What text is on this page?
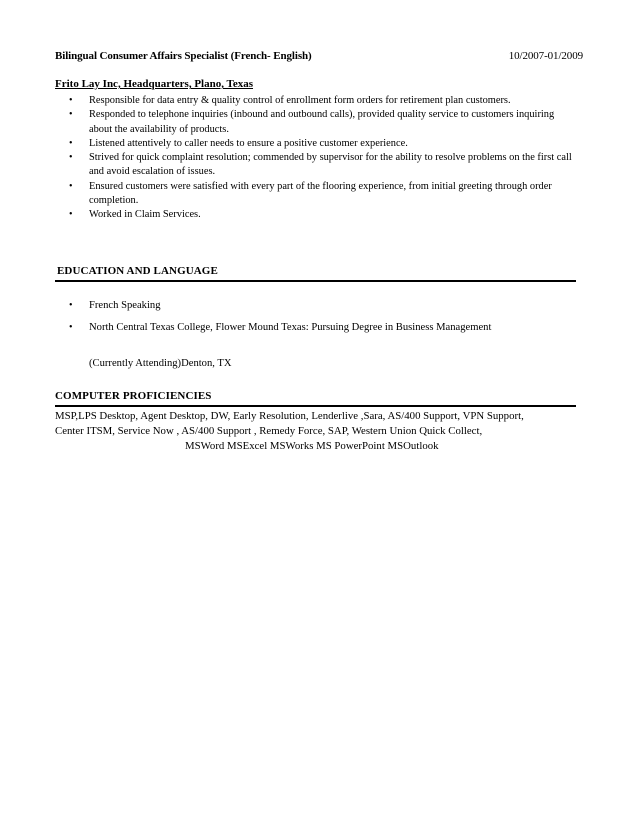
Bilingual Consumer Affairs Specialist (French- English)	10/2007-01/2009
Frito Lay Inc, Headquarters, Plano, Texas
• Responsible for data entry & quality control of enrollment form orders for retirement plan customers.
• Responded to telephone inquiries (inbound and outbound calls), provided quality service to customers inquiring about the availability of products.
• Listened attentively to caller needs to ensure a positive customer experience.
• Strived for quick complaint resolution; commended by supervisor for the ability to resolve problems on the first call and avoid escalation of issues.
• Ensured customers were satisfied with every part of the flooring experience, from initial greeting through order completion.
• Worked in Claim Services.
EDUCATION AND LANGUAGE
• French Speaking
• North Central Texas College, Flower Mound Texas: Pursuing Degree in Business Management
(Currently Attending)Denton, TX
COMPUTER PROFICIENCIES
MSP,LPS Desktop, Agent Desktop, DW, Early Resolution, Lenderlive ,Sara, AS/400 Support, VPN Support,
Center ITSM, Service Now , AS/400 Support , Remedy Force, SAP, Western Union Quick Collect,
MSWord MSExcel MSWorks MS PowerPoint MSOutlook
